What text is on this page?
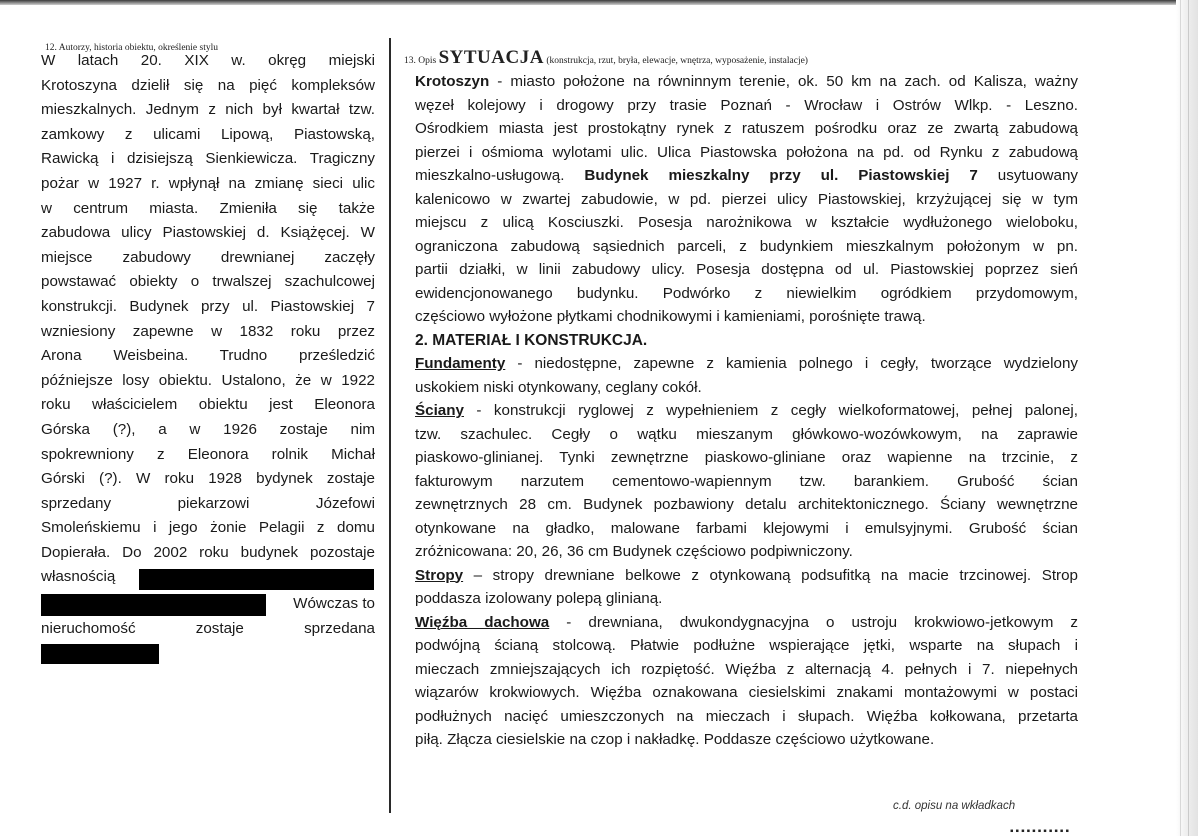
12. Autorzy, historia obiektu, określenie stylu
13. Opis SYTUACJA (konstrukcja, rzut, bryła, elewacje, wnętrza, wyposażenie, instalacje)
W latach 20. XIX w. okręg miejski
Krotoszyna dzielił się na pięć kompleksów
mieszkalnych. Jednym z nich był kwartał tzw.
zamkowy z ulicami Lipową, Piastowską,
Rawicką i dzisiejszą Sienkiewicza. Tragiczny
pożar w 1927 r. wpłynął na zmianę sieci ulic
w centrum miasta. Zmieniła się także
zabudowa ulicy Piastowskiej d. Książęcej. W
miejsce zabudowy drewnianej zaczęły
powstawać obiekty o trwalszej szachulcowej
konstrukcji. Budynek przy ul. Piastowskiej 7
wzniesiony zapewne w 1832 roku przez
Arona Weisbeina. Trudno prześledzić
późniejsze losy obiektu. Ustalono, że w 1922
roku właścicielem obiektu jest Eleonora
Górska (?), a w 1926 zostaje nim
spokrewniony z Eleonora rolnik Michał
Górski (?). W roku 1928 bydynek zostaje
sprzedany piekarzowi Józefowi
Smoleńskiemu i jego żonie Pelagii z domu
Dopierała. Do 2002 roku budynek pozostaje
własnością
Wówczas to
nieruchomość zostaje sprzedana
Krotoszyn - miasto położone na równinnym terenie, ok. 50 km na zach. od Kalisza, ważny
węzeł kolejowy i drogowy przy trasie Poznań - Wrocław i Ostrów Wlkp. - Leszno.
Ośrodkiem miasta jest prostokątny rynek z ratuszem pośrodku oraz ze zwartą zabudową
pierzei i ośmioma wylotami ulic. Ulica Piastowska położona na pd. od Rynku z zabudową
mieszkalno-usługową. Budynek mieszkalny przy ul. Piastowskiej 7 usytuowany
kalenicowo w zwartej zabudowie, w pd. pierzei ulicy Piastowskiej, krzyżującej się w tym
miejscu z ulicą Kosciuszki. Posesja narożnikowa w kształcie wydłużonego wieloboku,
ograniczona zabudową sąsiednich parceli, z budynkiem mieszkalnym położonym w pn.
partii działki, w linii zabudowy ulicy. Posesja dostępna od ul. Piastowskiej poprzez sień
ewidencjonowanego budynku. Podwórko z niewielkim ogródkiem przydomowym,
częściowo wyłożone płytkami chodnikowymi i kamieniami, porośnięte trawą.
2. MATERIAŁ I KONSTRUKCJA.
Fundamenty - niedostępne, zapewne z kamienia polnego i cegły, tworzące wydzielony
uskokiem niski otynkowany, ceglany cokół.
Ściany - konstrukcji ryglowej z wypełnieniem z cegły wielkoformatowej, pełnej palonej,
tzw. szachulec. Cegły o wątku mieszanym główkowo-wozówkowym, na zaprawie
piaskowo-glinianej. Tynki zewnętrzne piaskowo-gliniane oraz wapienne na trzcinie, z
fakturowym narzutem cementowo-wapiennym tzw. barankiem. Grubość ścian
zewnętrznych 28 cm. Budynek pozbawiony detalu architektonicznego. Ściany wewnętrzne
otynkowane na gładko, malowane farbami klejowymi i emulsyjnymi. Grubość ścian
zróżnicowana: 20, 26, 36 cm Budynek częściowo podpiwniczony.
Stropy – stropy drewniane belkowe z otynkowaną podsufitką na macie trzcinowej. Strop
poddasza izolowany polepą glinianą.
Więźba dachowa - drewniana, dwukondygnacyjna o ustroju krokwiowo-jetkowym z
podwójną ścianą stolcową. Płatwie podłużne wspierające jętki, wsparte na słupach i
mieczach zmniejszających ich rozpiętość. Więźba z alternacją 4. pełnych i 7. niepełnych
wiązarów krokwiowych. Więźba oznakowana ciesielskimi znakami montażowymi w postaci
podłużnych nacięć umieszczonych na mieczach i słupach. Więźba kołkowana, przetarta
piłą. Złącza ciesielskie na czop i nakładkę. Poddasze częściowo użytkowane.
c.d. opisu na wkładkach
▪▪▪▪▪▪▪▪▪▪▪
